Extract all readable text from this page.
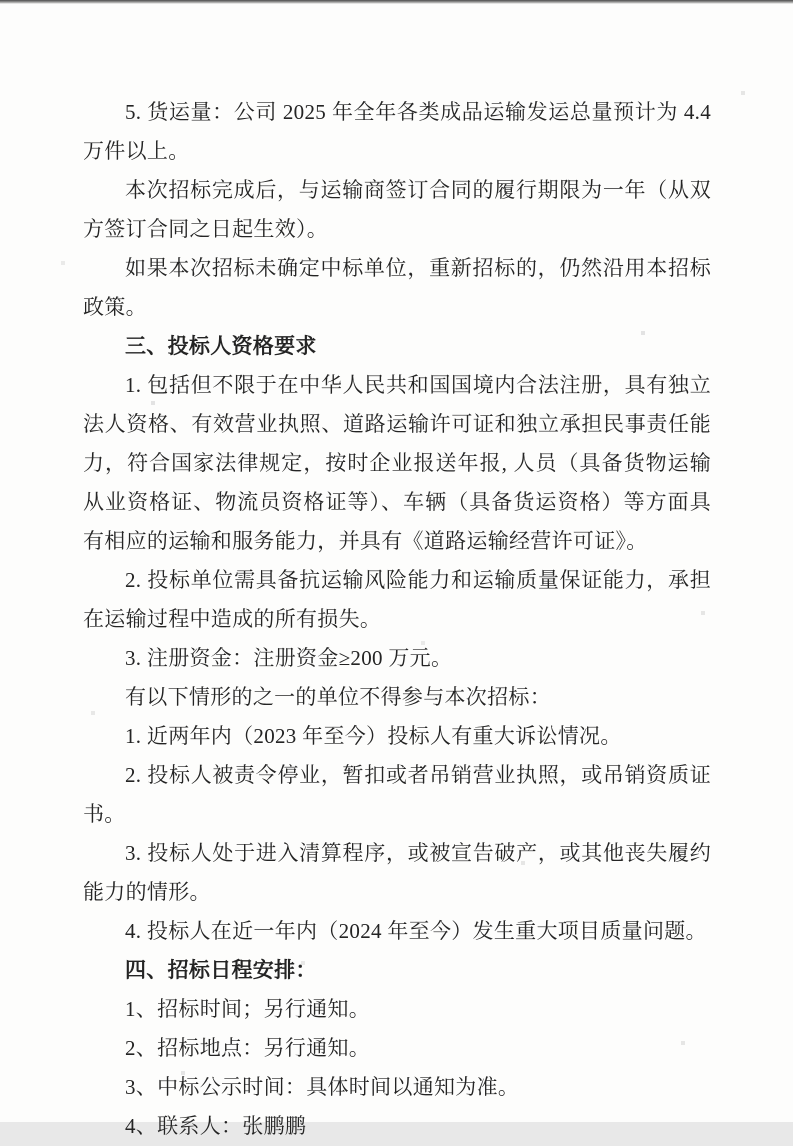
5. 货运量：公司 2025 年全年各类成品运输发运总量预计为 4.4 万件以上。

本次招标完成后，与运输商签订合同的履行期限为一年（从双方签订合同之日起生效）。

如果本次招标未确定中标单位，重新招标的，仍然沿用本招标政策。

三、投标人资格要求

1. 包括但不限于在中华人民共和国国境内合法注册，具有独立法人资格、有效营业执照、道路运输许可证和独立承担民事责任能力，符合国家法律规定，按时企业报送年报, 人员（具备货物运输从业资格证、物流员资格证等）、车辆（具备货运资格）等方面具有相应的运输和服务能力，并具有《道路运输经营许可证》。

2. 投标单位需具备抗运输风险能力和运输质量保证能力，承担在运输过程中造成的所有损失。

3. 注册资金：注册资金≥200 万元。

有以下情形的之一的单位不得参与本次招标：

1. 近两年内（2023 年至今）投标人有重大诉讼情况。

2. 投标人被责令停业，暂扣或者吊销营业执照，或吊销资质证书。

3. 投标人处于进入清算程序，或被宣告破产，或其他丧失履约能力的情形。

4. 投标人在近一年内（2024 年至今）发生重大项目质量问题。

四、招标日程安排：

1、招标时间；另行通知。

2、招标地点：另行通知。

3、中标公示时间：具体时间以通知为准。

4、联系人：张鹏鹏
